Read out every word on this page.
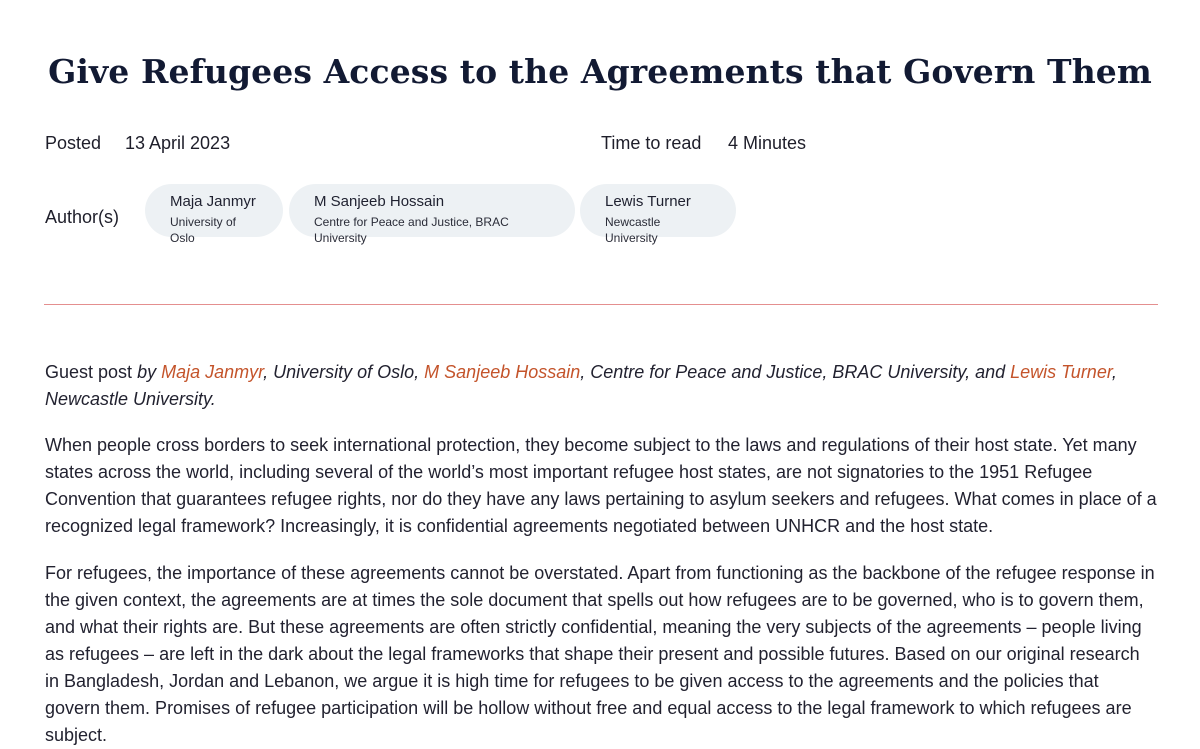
Give Refugees Access to the Agreements that Govern Them
Posted 13 April 2023	Time to read 4 Minutes
Author(s)
Maja Janmyr
University of Oslo
M Sanjeeb Hossain
Centre for Peace and Justice, BRAC University
Lewis Turner
Newcastle University

Guest post by Maja Janmyr, University of Oslo, M Sanjeeb Hossain, Centre for Peace and Justice, BRAC University, and Lewis Turner, Newcastle University.

When people cross borders to seek international protection, they become subject to the laws and regulations of their host state. Yet many states across the world, including several of the world’s most important refugee host states, are not signatories to the 1951 Refugee Convention that guarantees refugee rights, nor do they have any laws pertaining to asylum seekers and refugees. What comes in place of a recognized legal framework? Increasingly, it is confidential agreements negotiated between UNHCR and the host state.

For refugees, the importance of these agreements cannot be overstated. Apart from functioning as the backbone of the refugee response in the given context, the agreements are at times the sole document that spells out how refugees are to be governed, who is to govern them, and what their rights are. But these agreements are often strictly confidential, meaning the very subjects of the agreements – people living as refugees – are left in the dark about the legal frameworks that shape their present and possible futures. Based on our original research in Bangladesh, Jordan and Lebanon, we argue it is high time for refugees to be given access to the agreements and the policies that govern them. Promises of refugee participation will be hollow without free and equal access to the legal framework to which refugees are subject.
